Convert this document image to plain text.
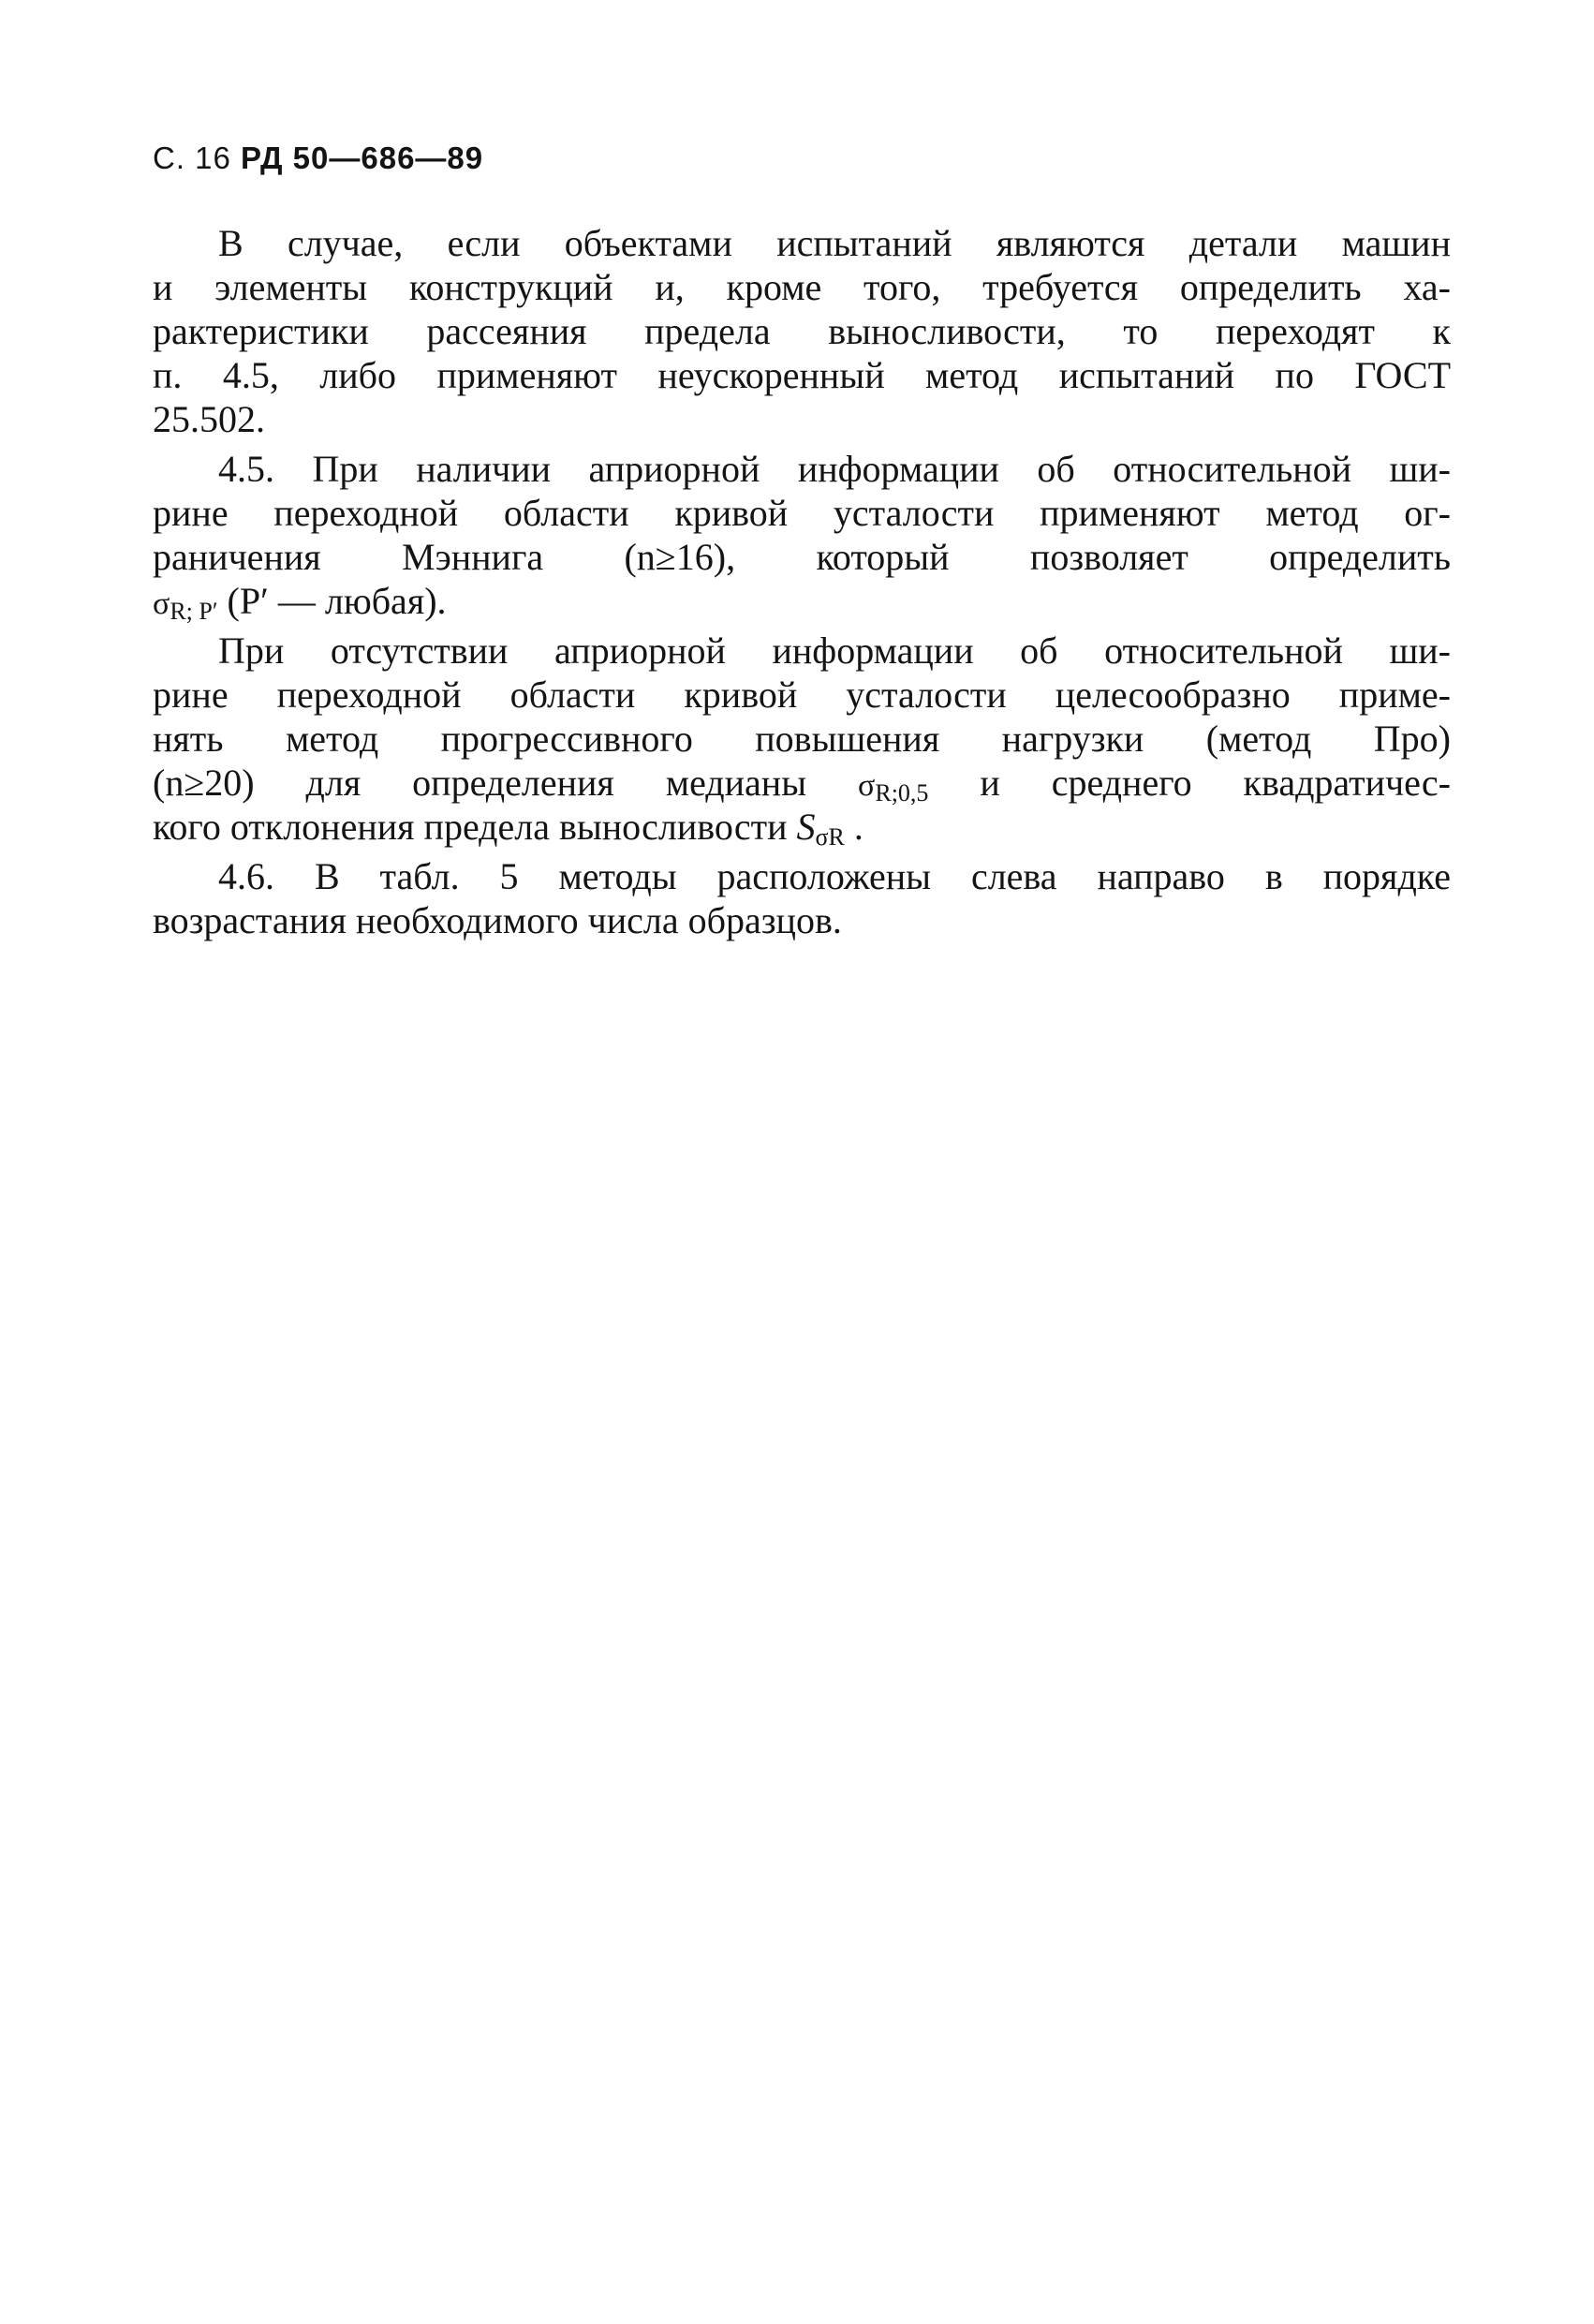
С. 16 РД 50—686—89
В случае, если объектами испытаний являются детали машин
и элементы конструкций и, кроме того, требуется определить ха-
рактеристики рассеяния предела выносливости, то переходят к
п. 4.5, либо применяют неускоренный метод испытаний по ГОСТ
25.502.
4.5. При наличии априорной информации об относительной ши-
рине переходной области кривой усталости применяют метод ог-
раничения Мэннига (n≥16), который позволяет определить
$\sigma_{R; P'}$ (P′ — любая).
При отсутствии априорной информации об относительной ши-
рине переходной области кривой усталости целесообразно приме-
нять метод прогрессивного повышения нагрузки (метод Про)
(n≥20) для определения медианы $\sigma_{R;0,5}$ и среднего квадратичес-
кого отклонения предела выносливости $S_{\sigma R}$ .
4.6. В табл. 5 методы расположены слева направо в порядке
возрастания необходимого числа образцов.
